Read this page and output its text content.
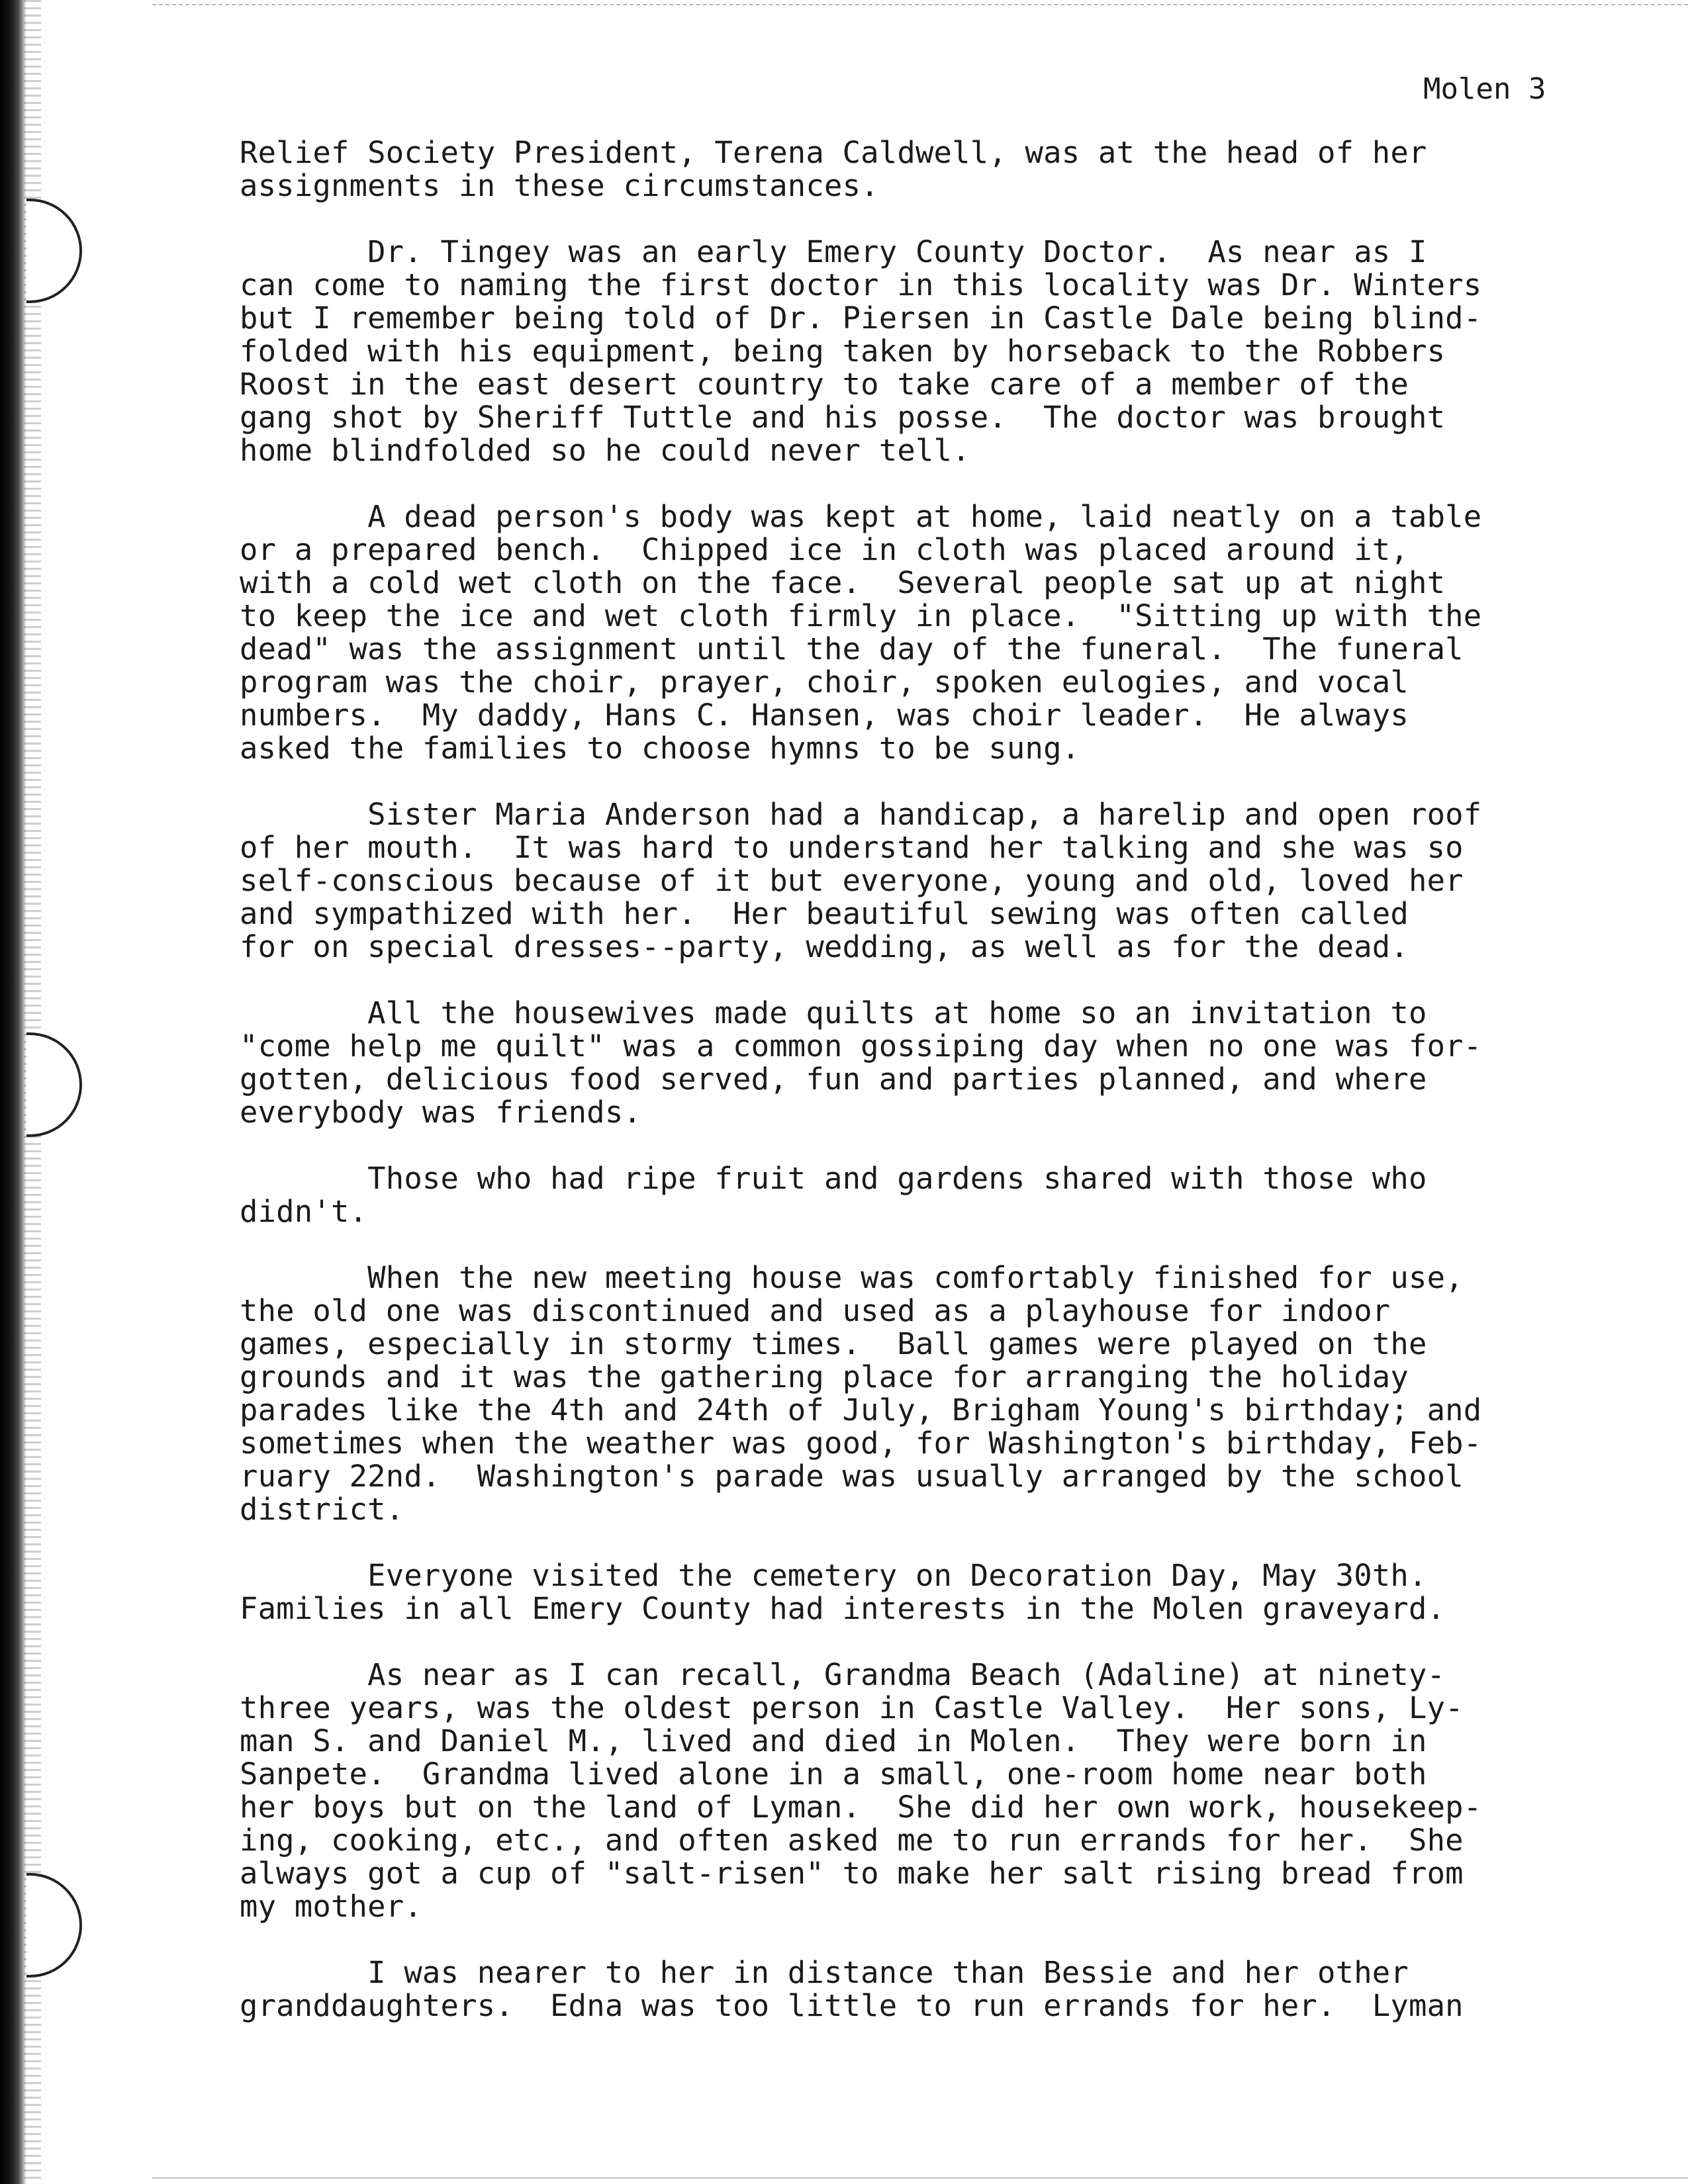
Molen 3
Relief Society President, Terena Caldwell, was at the head of her
assignments in these circumstances.
Dr. Tingey was an early Emery County Doctor.  As near as I
can come to naming the first doctor in this locality was Dr. Winters
but I remember being told of Dr. Piersen in Castle Dale being blind-
folded with his equipment, being taken by horseback to the Robbers
Roost in the east desert country to take care of a member of the
gang shot by Sheriff Tuttle and his posse.  The doctor was brought
home blindfolded so he could never tell.
A dead person's body was kept at home, laid neatly on a table
or a prepared bench.  Chipped ice in cloth was placed around it,
with a cold wet cloth on the face.  Several people sat up at night
to keep the ice and wet cloth firmly in place.  "Sitting up with the
dead" was the assignment until the day of the funeral.  The funeral
program was the choir, prayer, choir, spoken eulogies, and vocal
numbers.  My daddy, Hans C. Hansen, was choir leader.  He always
asked the families to choose hymns to be sung.
Sister Maria Anderson had a handicap, a harelip and open roof
of her mouth.  It was hard to understand her talking and she was so
self-conscious because of it but everyone, young and old, loved her
and sympathized with her.  Her beautiful sewing was often called
for on special dresses--party, wedding, as well as for the dead.
All the housewives made quilts at home so an invitation to
"come help me quilt" was a common gossiping day when no one was for-
gotten, delicious food served, fun and parties planned, and where
everybody was friends.
Those who had ripe fruit and gardens shared with those who
didn't.
When the new meeting house was comfortably finished for use,
the old one was discontinued and used as a playhouse for indoor
games, especially in stormy times.  Ball games were played on the
grounds and it was the gathering place for arranging the holiday
parades like the 4th and 24th of July, Brigham Young's birthday; and
sometimes when the weather was good, for Washington's birthday, Feb-
ruary 22nd.  Washington's parade was usually arranged by the school
district.
Everyone visited the cemetery on Decoration Day, May 30th.
Families in all Emery County had interests in the Molen graveyard.
As near as I can recall, Grandma Beach (Adaline) at ninety-
three years, was the oldest person in Castle Valley.  Her sons, Ly-
man S. and Daniel M., lived and died in Molen.  They were born in
Sanpete.  Grandma lived alone in a small, one-room home near both
her boys but on the land of Lyman.  She did her own work, housekeep-
ing, cooking, etc., and often asked me to run errands for her.  She
always got a cup of "salt-risen" to make her salt rising bread from
my mother.
I was nearer to her in distance than Bessie and her other
granddaughters.  Edna was too little to run errands for her.  Lyman
